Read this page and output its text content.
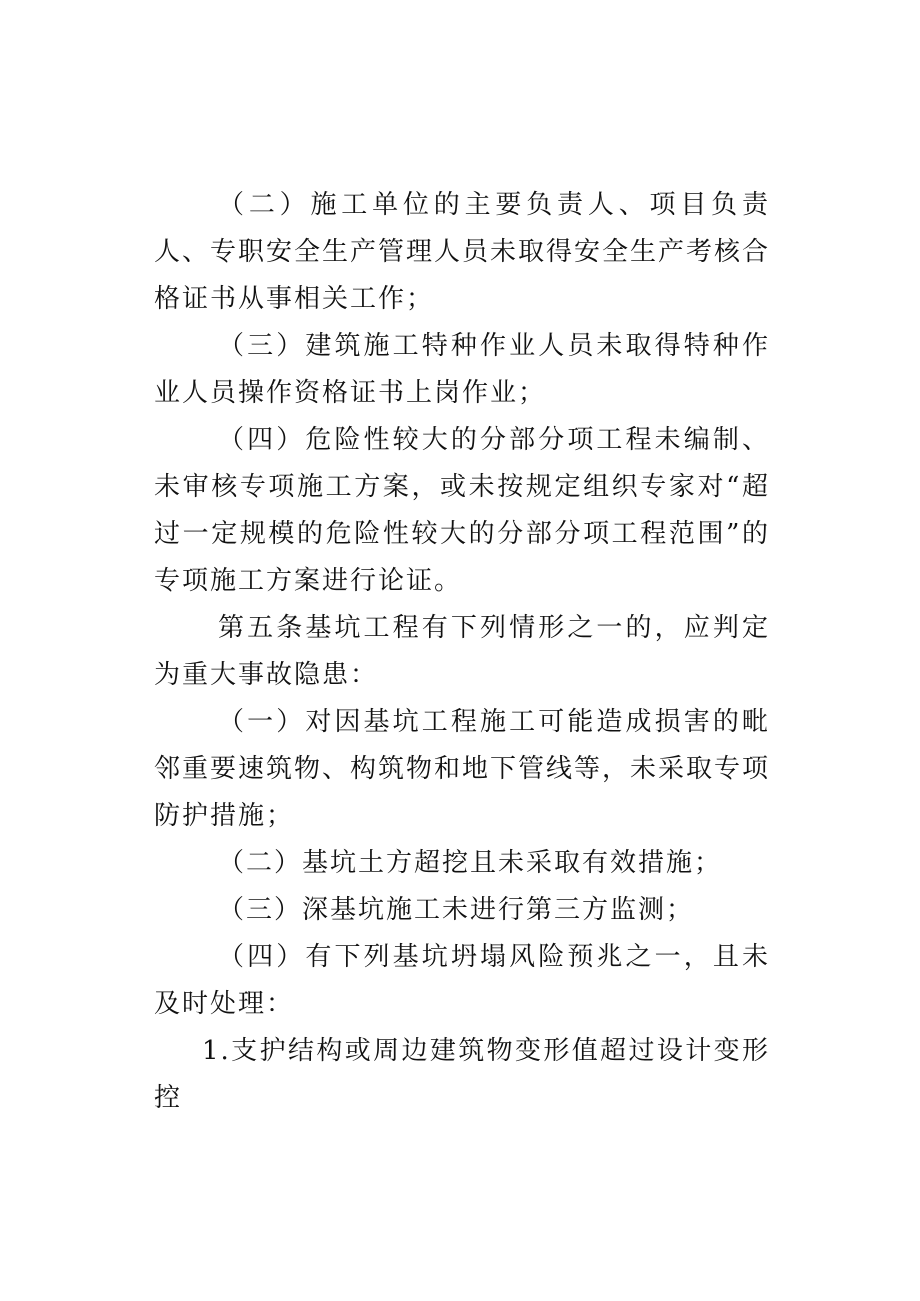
（二）施工单位的主要负责人、项目负责人、专职安全生产管理人员未取得安全生产考核合格证书从事相关工作；

（三）建筑施工特种作业人员未取得特种作业人员操作资格证书上岗作业；

（四）危险性较大的分部分项工程未编制、未审核专项施工方案，或未按规定组织专家对“超过一定规模的危险性较大的分部分项工程范围”的专项施工方案进行论证。

第五条基坑工程有下列情形之一的，应判定为重大事故隐患：

（一）对因基坑工程施工可能造成损害的毗邻重要速筑物、构筑物和地下管线等，未采取专项防护措施；

（二）基坑土方超挖且未采取有效措施；

（三）深基坑施工未进行第三方监测；

（四）有下列基坑坍塌风险预兆之一，且未及时处理：

1.支护结构或周边建筑物变形值超过设计变形控
